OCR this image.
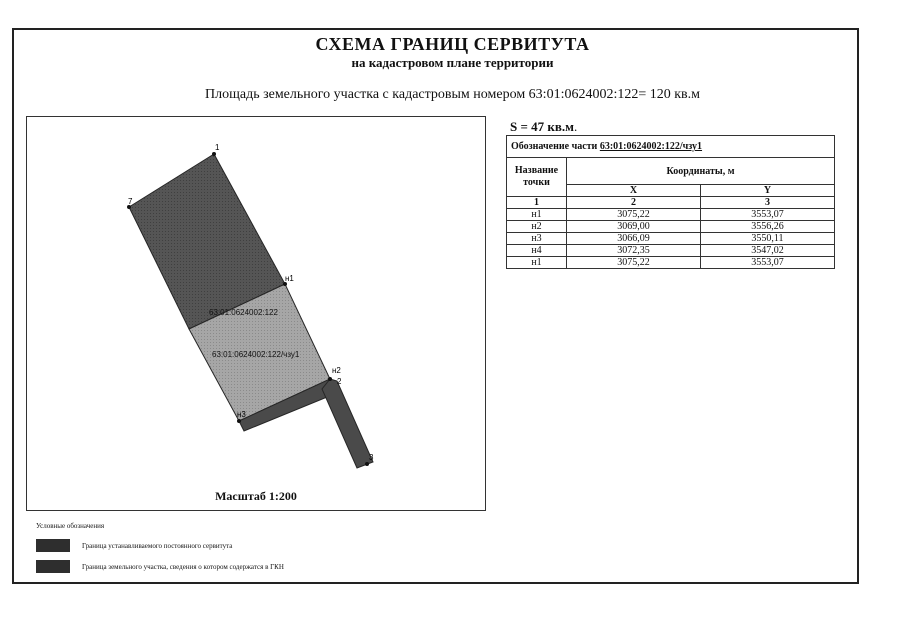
СХЕМА ГРАНИЦ СЕРВИТУТА
на кадастровом плане территории
Площадь земельного участка с кадастровым номером 63:01:0624002:122= 120 кв.м
1
7
н1
н2
2
н3
3
63:01:0624002:122
63:01:0624002:122/чзу1
Масштаб 1:200
S = 47 кв.м.
Обозначение части 63:01:0624002:122/чзу1		
Название точки	Координаты, м	
	X	Y
1	2	3
н1	3075,22	3553,07
н2	3069,00	3556,26
н3	3066,09	3550,11
н4	3072,35	3547,02
н1	3075,22	3553,07
Условные обозначения
Граница устанавливаемого постоянного сервитута
Граница земельного участка, сведения о котором содержатся в ГКН
